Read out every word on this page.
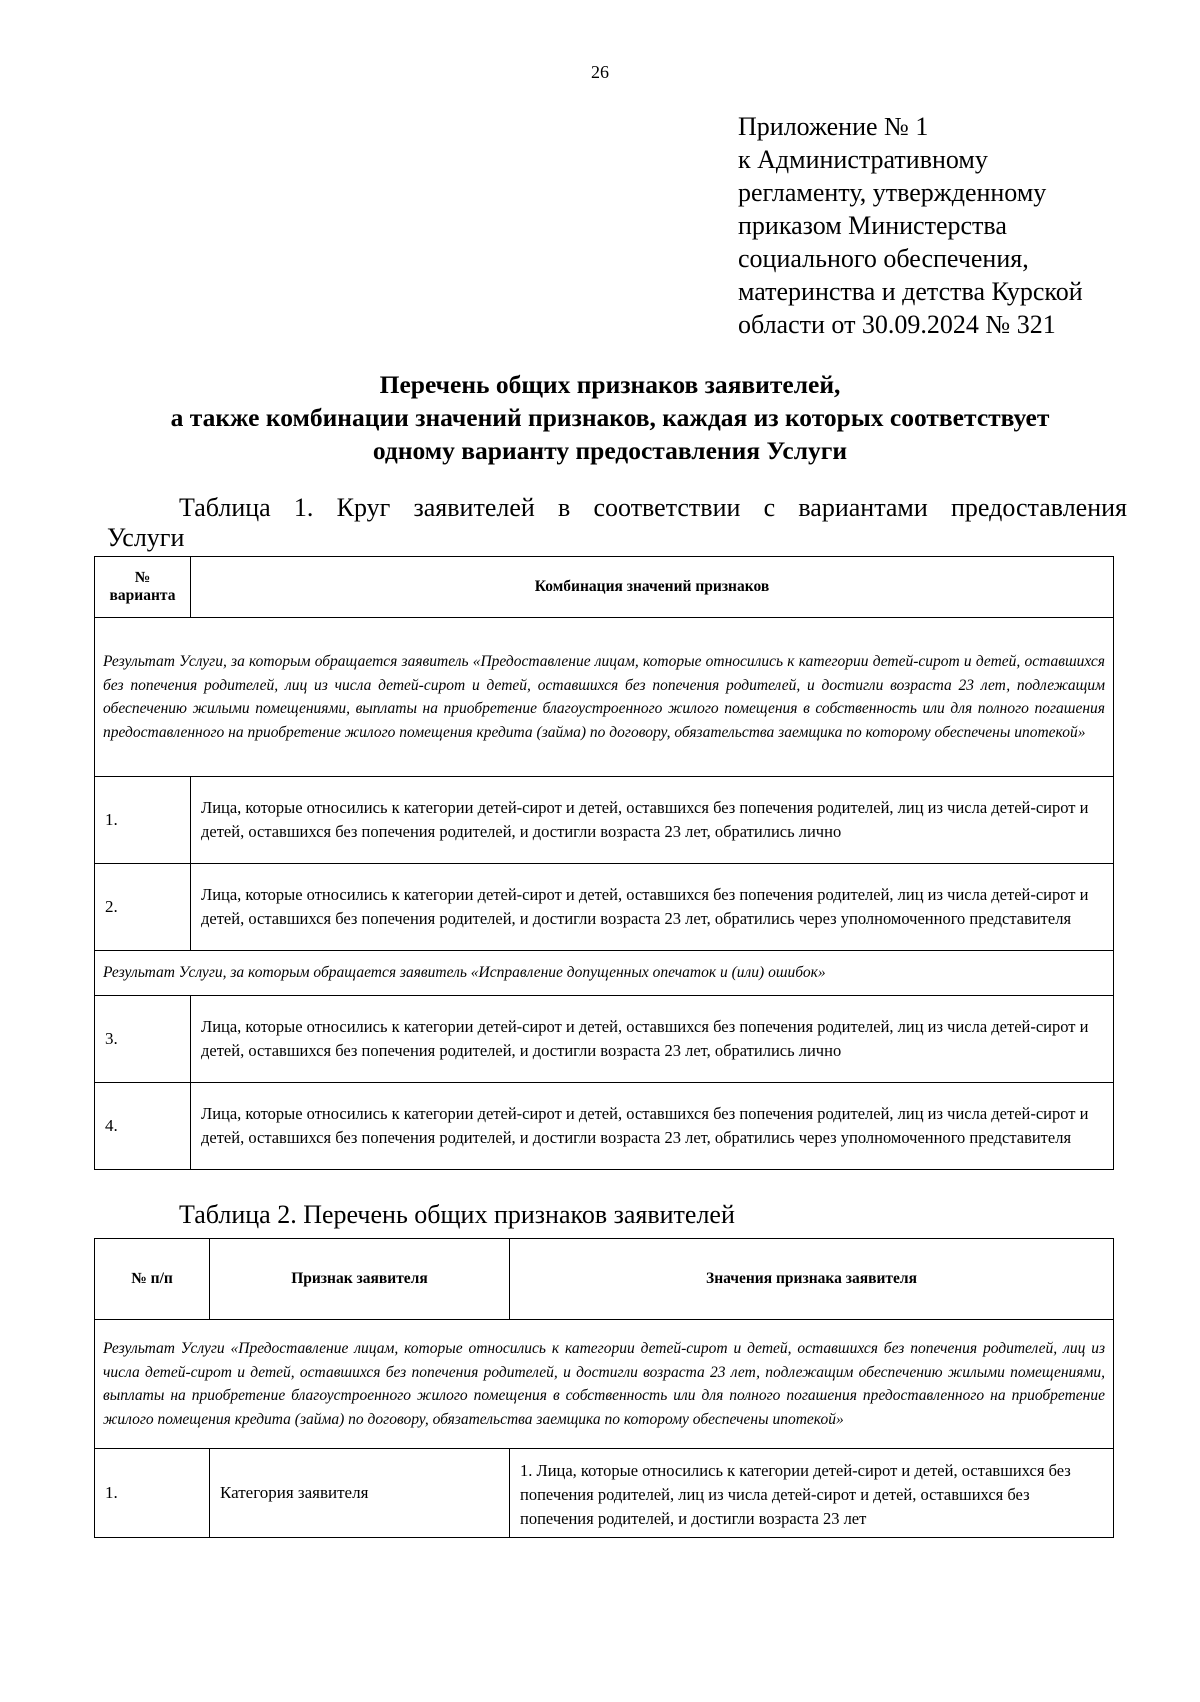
26
Приложение № 1
к Административному
регламенту, утвержденному
приказом Министерства
социального обеспечения,
материнства и детства Курской
области от 30.09.2024 № 321
Перечень общих признаков заявителей,
а также комбинации значений признаков, каждая из которых соответствует
одному варианту предоставления Услуги
Таблица 1. Круг заявителей в соответствии с вариантами предоставления
Услуги
№ варианта	Комбинация значений признаков
Результат Услуги, за которым обращается заявитель «Предоставление лицам, которые относились к категории детей-сирот и детей, оставшихся без попечения родителей, лиц из числа детей-сирот и детей, оставшихся без попечения родителей, и достигли возраста 23 лет, подлежащим обеспечению жилыми помещениями, выплаты на приобретение благоустроенного жилого помещения в собственность или для полного погашения предоставленного на приобретение жилого помещения кредита (займа) по договору, обязательства заемщика по которому обеспечены ипотекой»	
1.	Лица, которые относились к категории детей-сирот и детей, оставшихся без попечения родителей, лиц из числа детей-сирот и детей, оставшихся без попечения родителей, и достигли возраста 23 лет, обратились лично
2.	Лица, которые относились к категории детей-сирот и детей, оставшихся без попечения родителей, лиц из числа детей-сирот и детей, оставшихся без попечения родителей, и достигли возраста 23 лет, обратились через уполномоченного представителя
Результат Услуги, за которым обращается заявитель «Исправление допущенных опечаток и (или) ошибок»	
3.	Лица, которые относились к категории детей-сирот и детей, оставшихся без попечения родителей, лиц из числа детей-сирот и детей, оставшихся без попечения родителей, и достигли возраста 23 лет, обратились лично
4.	Лица, которые относились к категории детей-сирот и детей, оставшихся без попечения родителей, лиц из числа детей-сирот и детей, оставшихся без попечения родителей, и достигли возраста 23 лет, обратились через уполномоченного представителя
Таблица 2. Перечень общих признаков заявителей
№ п/п	Признак заявителя	Значения признака заявителя
Результат Услуги «Предоставление лицам, которые относились к категории детей-сирот и детей, оставшихся без попечения родителей, лиц из числа детей-сирот и детей, оставшихся без попечения родителей, и достигли возраста 23 лет, подлежащим обеспечению жилыми помещениями, выплаты на приобретение благоустроенного жилого помещения в собственность или для полного погашения предоставленного на приобретение жилого помещения кредита (займа) по договору, обязательства заемщика по которому обеспечены ипотекой»		
1.	Категория заявителя	1. Лица, которые относились к категории детей-сирот и детей, оставшихся без попечения родителей, лиц из числа детей-сирот и детей, оставшихся без попечения родителей, и достигли возраста 23 лет
